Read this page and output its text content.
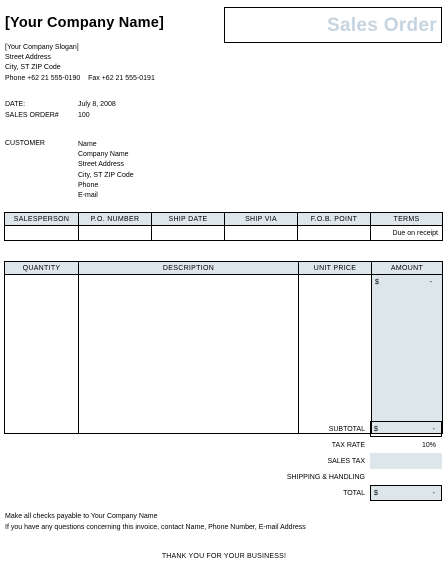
[Your Company Name]	Sales Order
[Your Company Slogan]
Street Address
City, ST ZIP Code
Phone +62 21 555-0190    Fax +62 21 555-0191
DATE:	July 8, 2008
SALES ORDER#	100
CUSTOMER	Name
Company Name
Street Address
City, ST ZIP Code
Phone
E-mail
SALESPERSON	P.O. NUMBER	SHIP DATE	SHIP VIA	F.O.B. POINT	TERMS
					Due on receipt
QUANTITY	DESCRIPTION	UNIT PRICE	AMOUNT

			$ -
SUBTOTAL	$	-
TAX RATE	10%
SALES TAX
SHIPPING & HANDLING
TOTAL	$	-
Make all checks payable to Your Company Name
If you have any questions concerning this invoice, contact Name, Phone Number, E-mail Address
THANK YOU FOR YOUR BUSINESS!
